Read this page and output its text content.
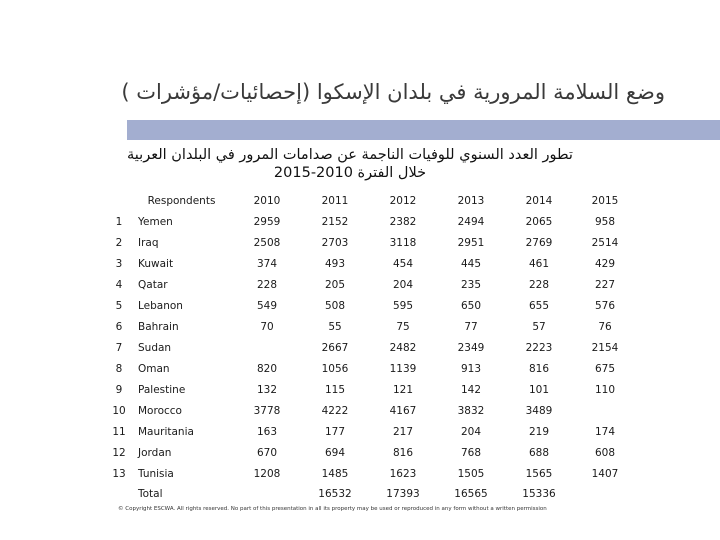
وضع السلامة المرورية في بلدان الإسكوا (إحصائيات/مؤشرات )
تطور العدد السنوي للوفيات الناجمة عن صدامات المرور في البلدان العربية
خلال الفترة 2010-2015
	Respondents	2010	2011	2012	2013	2014	2015
1	Yemen	2959	2152	2382	2494	2065	958
2	Iraq	2508	2703	3118	2951	2769	2514
3	Kuwait	374	493	454	445	461	429
4	Qatar	228	205	204	235	228	227
5	Lebanon	549	508	595	650	655	576
6	Bahrain	70	55	75	77	57	76
7	Sudan		2667	2482	2349	2223	2154
8	Oman	820	1056	1139	913	816	675
9	Palestine	132	115	121	142	101	110
10	Morocco	3778	4222	4167	3832	3489	
11	Mauritania	163	177	217	204	219	174
12	Jordan	670	694	816	768	688	608
13	Tunisia	1208	1485	1623	1505	1565	1407
	Total		16532	17393	16565	15336	
© Copyright ESCWA. All rights reserved. No part of this presentation in all its property may be used or reproduced in any form without a written permission
